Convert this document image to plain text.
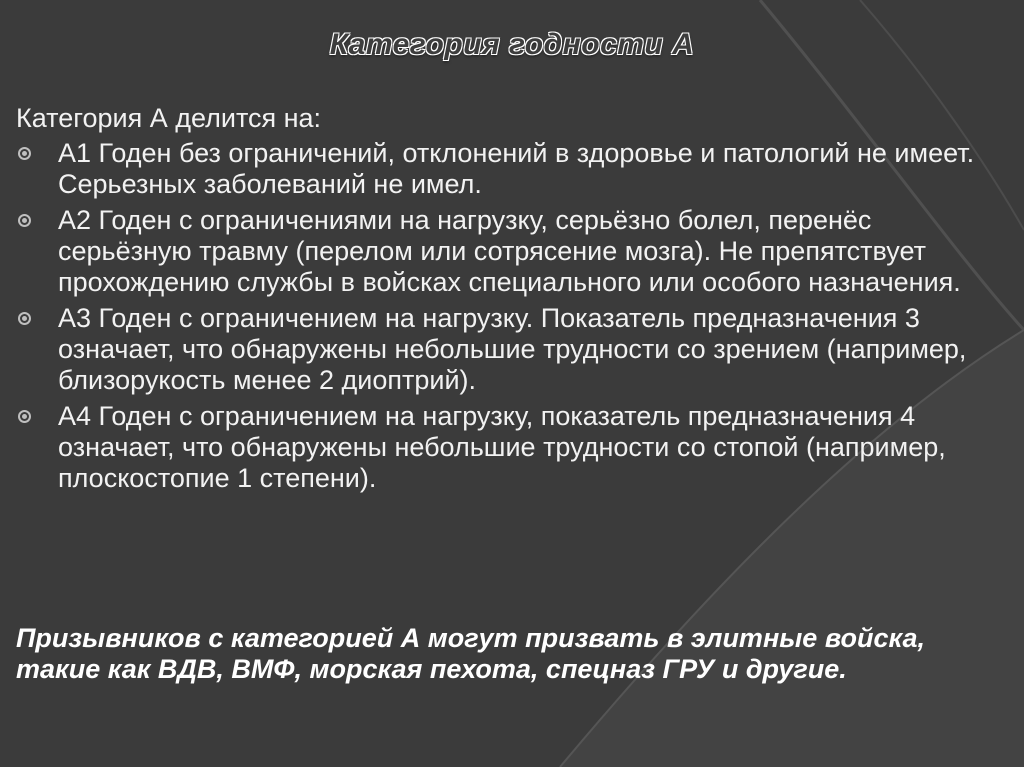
Категория годности А
Категория А делится на:
А1 Годен без ограничений, отклонений в здоровье и патологий не имеет. Серьезных заболеваний не имел.
А2 Годен с ограничениями на нагрузку, серьёзно болел, перенёс серьёзную травму (перелом или сотрясение мозга). Не препятствует прохождению службы в войсках специального или особого назначения.
А3 Годен с ограничением на нагрузку. Показатель предназначения 3 означает, что обнаружены небольшие трудности со зрением (например, близорукость менее 2 диоптрий).
А4 Годен с ограничением на нагрузку, показатель предназначения 4 означает, что обнаружены небольшие трудности со стопой (например, плоскостопие 1 степени).
Призывников с категорией А могут призвать в элитные войска, такие как ВДВ, ВМФ, морская пехота, спецназ ГРУ и другие.
